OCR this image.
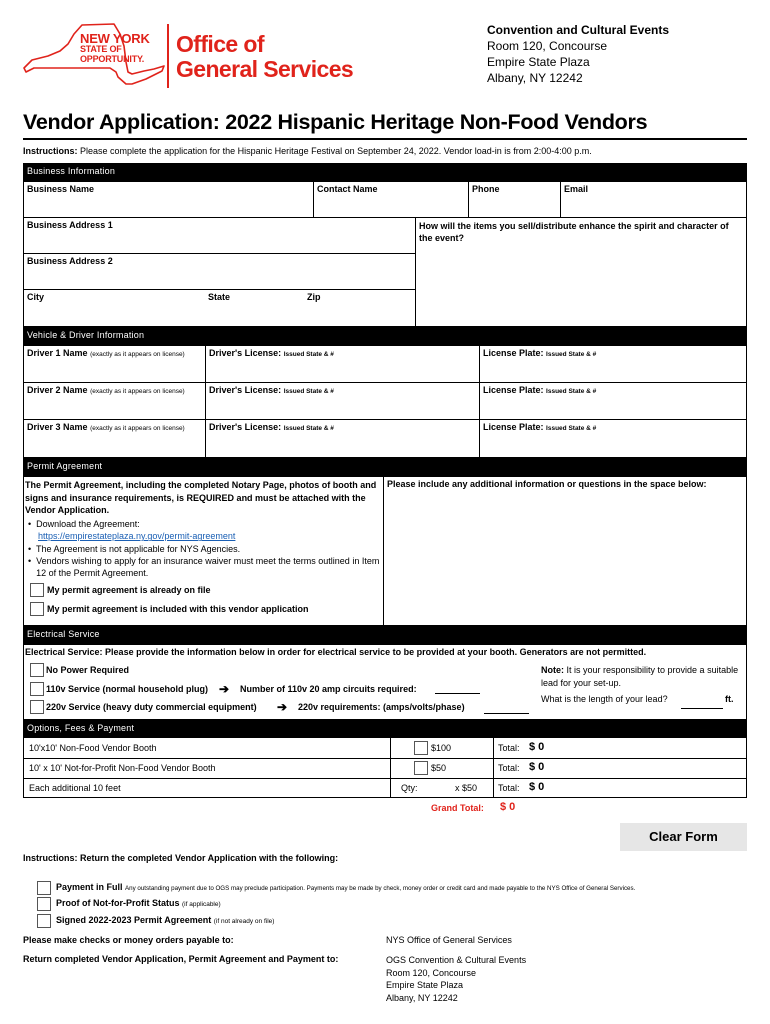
NEW YORK
STATE OF
OPPORTUNITY.
Office of
General Services
Convention and Cultural Events
Room 120, Concourse
Empire State Plaza
Albany, NY 12242
Vendor Application: 2022 Hispanic Heritage Non-Food Vendors
Instructions: Please complete the application for the Hispanic Heritage Festival on September 24, 2022. Vendor load-in is from 2:00-4:00 p.m.
Business Information
Business Name	Contact Name	Phone	Email
Business Address 1
Business Address 2
City	State	Zip
How will the items you sell/distribute enhance the spirit and character of the event?
Vehicle & Driver Information
Driver 1 Name (exactly as it appears on license)	Driver's License: Issued State & #	License Plate: Issued State & #
Driver 2 Name (exactly as it appears on license)	Driver's License: Issued State & #	License Plate: Issued State & #
Driver 3 Name (exactly as it appears on license)	Driver's License: Issued State & #	License Plate: Issued State & #
Permit Agreement
The Permit Agreement, including the completed Notary Page, photos of booth and signs and insurance requirements, is REQUIRED and must be attached with the Vendor Application.
•  Download the Agreement:
https://empirestateplaza.ny.gov/permit-agreement
•  The Agreement is not applicable for NYS Agencies.
• Vendors wishing to apply for an insurance waiver must meet the terms outlined in Item 12 of the Permit Agreement.
My permit agreement is already on file
My permit agreement is included with this vendor application
Please include any additional information or questions in the space below:
Electrical Service
Electrical Service: Please provide the information below in order for electrical service to be provided at your booth. Generators are not permitted.
No Power Required
110v Service (normal household plug) ➔ Number of 110v 20 amp circuits required:
220v Service (heavy duty commercial equipment) ➔ 220v requirements: (amps/volts/phase)
Note: It is your responsibility to provide a suitable lead for your set-up.
What is the length of your lead?	ft.
Options, Fees & Payment
10'x10' Non-Food Vendor Booth	$100	Total: $ 0
10' x 10' Not-for-Profit Non-Food Vendor Booth	$50	Total: $ 0
Each additional 10 feet	Qty:	x $50 Total: $ 0
Grand Total: $ 0
Clear Form
Instructions: Return the completed Vendor Application with the following:
Payment in Full Any outstanding payment due to OGS may preclude participation. Payments may be made by check, money order or credit card and made payable to the NYS Office of General Services.
Proof of Not-for-Profit Status (if applicable)
Signed 2022-2023 Permit Agreement (if not already on file)
Please make checks or money orders payable to:	NYS Office of General Services
Return completed Vendor Application, Permit Agreement and Payment to:	OGS Convention & Cultural Events
Room 120, Concourse
Empire State Plaza
Albany, NY 12242
